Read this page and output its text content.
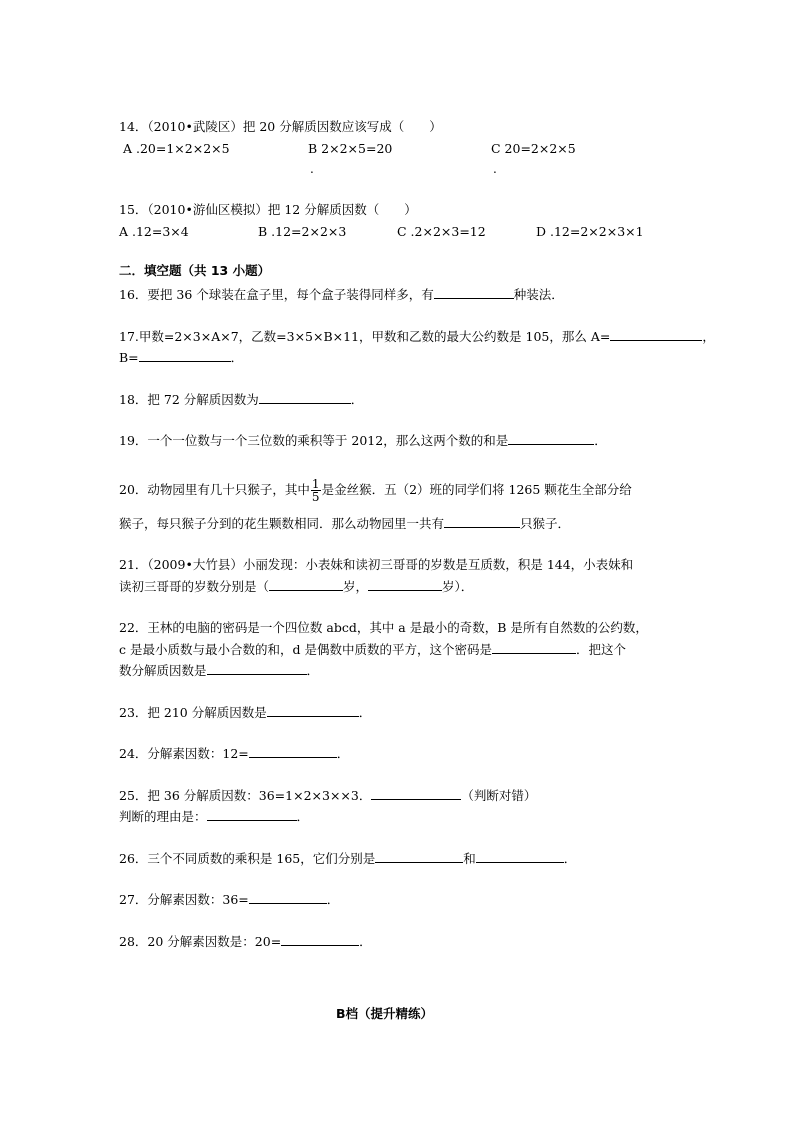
14．（2010•武陵区）把 20 分解质因数应该写成（　　）
A .20=1×2×2×5	B 2×2×5=20
.
C 20=2×2×5
.
15．（2010•游仙区模拟）把 12 分解质因数（　　）
A .12=3×4	B .12=2×2×3	C .2×2×3=12	D .12=2×2×3×1
二．填空题（共 13 小题）
16．要把 36 个球装在盒子里，每个盒子装得同样多，有	种装法．
17.甲数=2×3×A×7，乙数=3×5×B×11，甲数和乙数的最大公约数是 105，那么 A=	，
B=	．
18．把 72 分解质因数为	．
19．一个一位数与一个三位数的乘积等于 2012，那么这两个数的和是	．
20．动物园里有几十只猴子，其中 $\frac{1}{5}$ 是金丝猴．五（2）班的同学们将 1265 颗花生全部分给
猴子，每只猴子分到的花生颗数相同．那么动物园里一共有	只猴子．
21．（2009•大竹县）小丽发现：小表妹和读初三哥哥的岁数是互质数，积是 144，小表妹和
读初三哥哥的岁数分别是（	岁，	岁）．
22．王林的电脑的密码是一个四位数 abcd，其中 a 是最小的奇数，B 是所有自然数的公约数，
c 是最小质数与最小合数的和，d 是偶数中质数的平方，这个密码是	．把这个
数分解质因数是	．
23．把 210 分解质因数是	．
24．分解素因数：12=	．
25．把 36 分解质因数：36=1×2×3××3．	（判断对错）
判断的理由是：	．
26．三个不同质数的乘积是 165，它们分别是	和	．
27．分解素因数：36=	．
28．20 分解素因数是：20=	．
B档（提升精练）
